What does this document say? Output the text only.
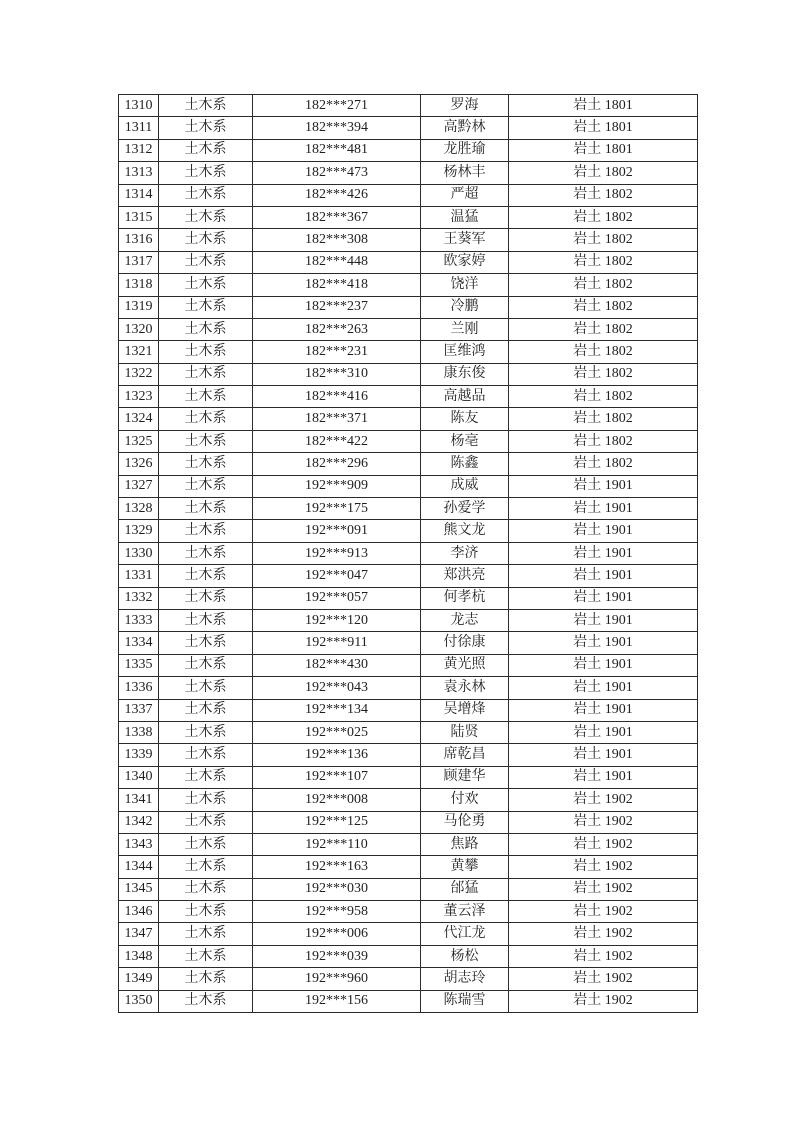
1310	土木系	182***271	罗海	岩土 1801
1311	土木系	182***394	高黔林	岩土 1801
1312	土木系	182***481	龙胜瑜	岩土 1801
1313	土木系	182***473	杨林丰	岩土 1802
1314	土木系	182***426	严超	岩土 1802
1315	土木系	182***367	温猛	岩土 1802
1316	土木系	182***308	王葵军	岩土 1802
1317	土木系	182***448	欧家婷	岩土 1802
1318	土木系	182***418	饶洋	岩土 1802
1319	土木系	182***237	冷鹏	岩土 1802
1320	土木系	182***263	兰刚	岩土 1802
1321	土木系	182***231	匡维鸿	岩土 1802
1322	土木系	182***310	康东俊	岩土 1802
1323	土木系	182***416	高越品	岩土 1802
1324	土木系	182***371	陈友	岩土 1802
1325	土木系	182***422	杨亳	岩土 1802
1326	土木系	182***296	陈鑫	岩土 1802
1327	土木系	192***909	成威	岩土 1901
1328	土木系	192***175	孙爱学	岩土 1901
1329	土木系	192***091	熊文龙	岩土 1901
1330	土木系	192***913	李济	岩土 1901
1331	土木系	192***047	郑洪亮	岩土 1901
1332	土木系	192***057	何孝杭	岩土 1901
1333	土木系	192***120	龙志	岩土 1901
1334	土木系	192***911	付徐康	岩土 1901
1335	土木系	182***430	黄光照	岩土 1901
1336	土木系	192***043	袁永林	岩土 1901
1337	土木系	192***134	吴增烽	岩土 1901
1338	土木系	192***025	陆贤	岩土 1901
1339	土木系	192***136	席乾昌	岩土 1901
1340	土木系	192***107	顾建华	岩土 1901
1341	土木系	192***008	付欢	岩土 1902
1342	土木系	192***125	马伦勇	岩土 1902
1343	土木系	192***110	焦路	岩土 1902
1344	土木系	192***163	黄攀	岩土 1902
1345	土木系	192***030	邰猛	岩土 1902
1346	土木系	192***958	董云泽	岩土 1902
1347	土木系	192***006	代江龙	岩土 1902
1348	土木系	192***039	杨松	岩土 1902
1349	土木系	192***960	胡志玲	岩土 1902
1350	土木系	192***156	陈瑞雪	岩土 1902
